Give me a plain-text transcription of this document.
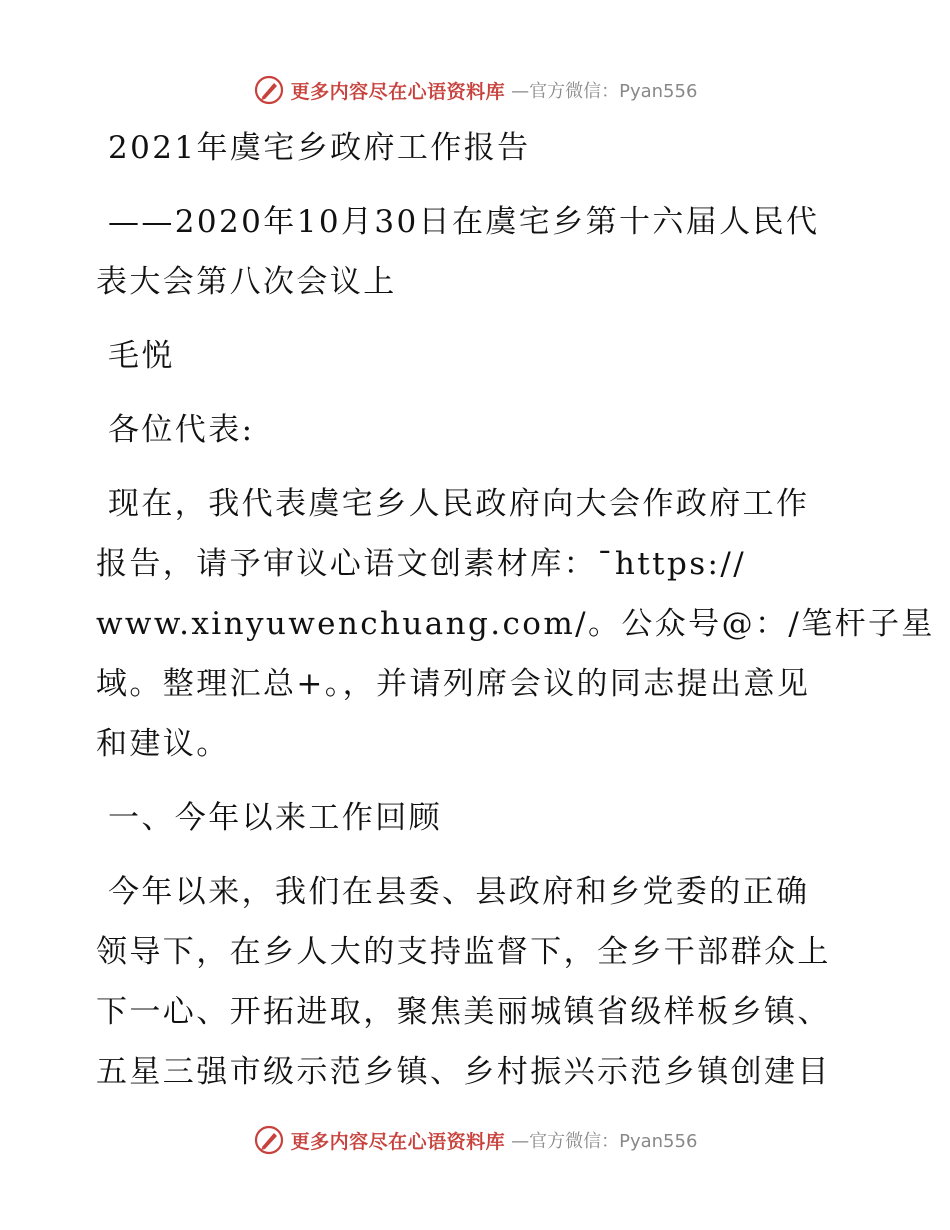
更多内容尽在心语资料库 —官方微信：Pyan556
2021年虞宅乡政府工作报告
——2020年10月30日在虞宅乡第十六届人民代
表大会第八次会议上
毛悦
各位代表:
现在，我代表虞宅乡人民政府向大会作政府工作
报告，请予审议心语文创素材库：¯https://
www.xinyuwenchuang.com/。公众号@：/笔杆子星
域。整理汇总+。，并请列席会议的同志提出意见
和建议。
一、今年以来工作回顾
今年以来，我们在县委、县政府和乡党委的正确
领导下，在乡人大的支持监督下，全乡干部群众上
下一心、开拓进取，聚焦美丽城镇省级样板乡镇、
五星三强市级示范乡镇、乡村振兴示范乡镇创建目
更多内容尽在心语资料库 —官方微信：Pyan556
